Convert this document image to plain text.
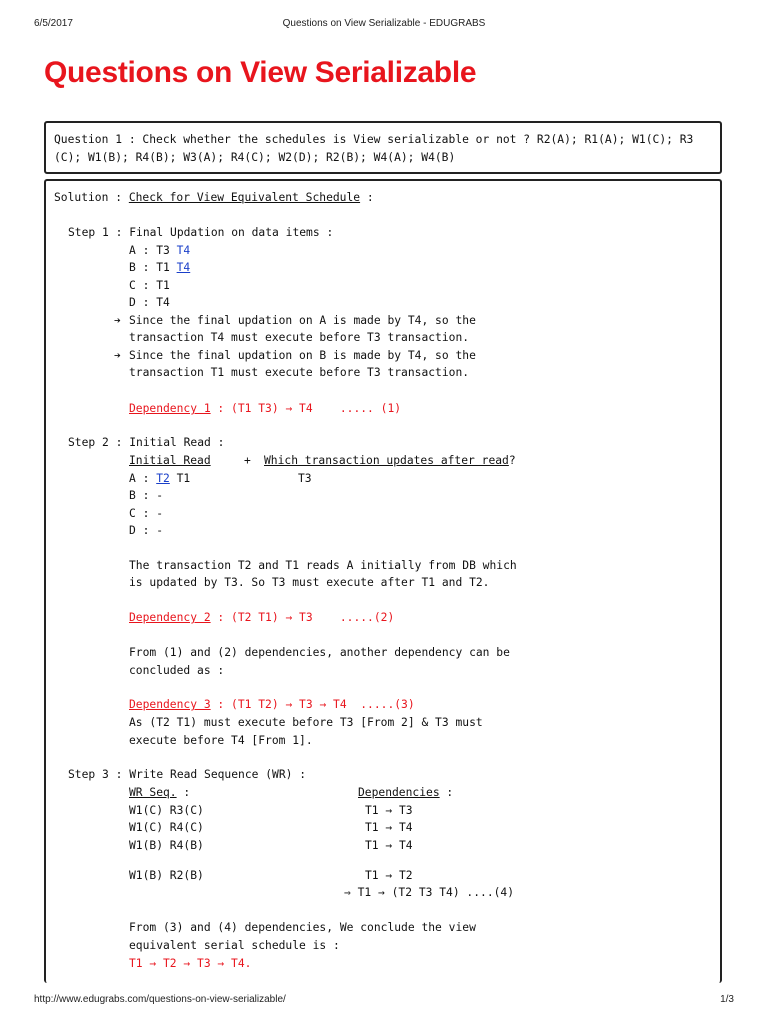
6/5/2017	Questions on View Serializable - EDUGRABS
Questions on View Serializable
Question 1 : Check whether the schedules is View serializable or not ? R2(A); R1(A); W1(C); R3
(C); W1(B); R4(B); W3(A); R4(C); W2(D); R2(B); W4(A); W4(B)
Solution : Check for View Equivalent Schedule :
Step 1 : Final Updation on data items :
A : T3 T4
B : T1 T4
C : T1
D : T4
➔ Since the final updation on A is made by T4, so the
transaction T4 must execute before T3 transaction.
➔ Since the final updation on B is made by T4, so the
transaction T1 must execute before T3 transaction.
Dependency 1 : (T1 T3) → T4    ..... (1)
Step 2 : Initial Read :
Initial Read	+ Which transaction updates after read?
A : T2 T1	T3
B : -
C : -
D : -
The transaction T2 and T1 reads A initially from DB which
is updated by T3. So T3 must execute after T1 and T2.
Dependency 2 : (T2 T1) → T3    .....(2)
From (1) and (2) dependencies, another dependency can be
concluded as :
Dependency 3 : (T1 T2) → T3 → T4  .....(3)
As (T2 T1) must execute before T3 [From 2] & T3 must
execute before T4 [From 1].
Step 3 : Write Read Sequence (WR) :
WR Seq. :	Dependencies :
W1(C) R3(C)	T1 → T3
W1(C) R4(C)	T1 → T4
W1(B) R4(B)	T1 → T4
W1(B) R2(B)	T1 → T2
⇒ T1 → (T2 T3 T4) ....(4)
From (3) and (4) dependencies, We conclude the view
equivalent serial schedule is :
T1 → T2 → T3 → T4.
http://www.edugrabs.com/questions-on-view-serializable/	1/3
